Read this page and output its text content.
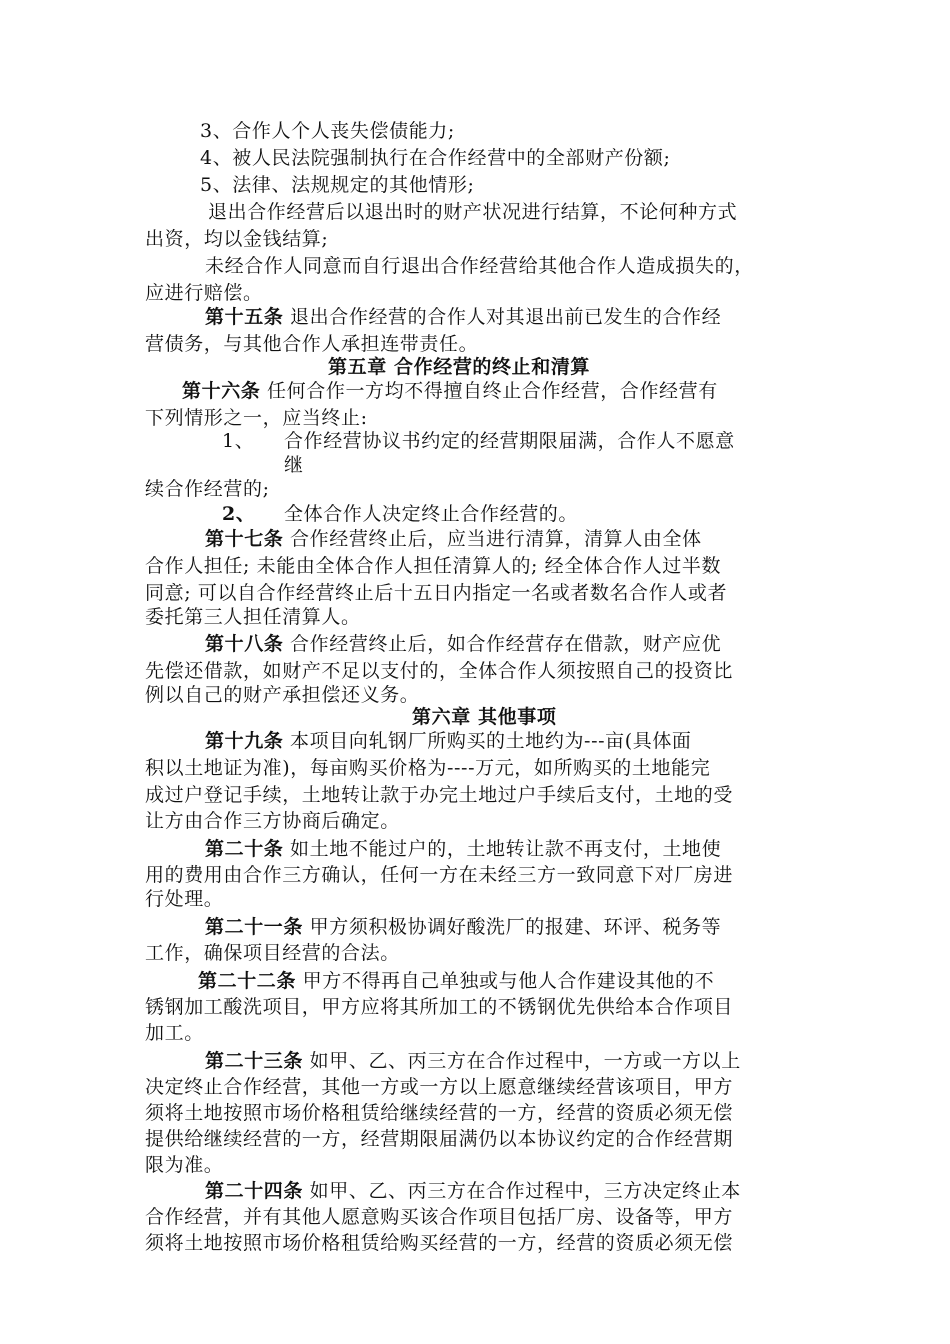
3、合作人个人丧失偿债能力;
4、被人民法院强制执行在合作经营中的全部财产份额;
5、法律、法规规定的其他情形;
退出合作经营后以退出时的财产状况进行结算，不论何种方式
出资，均以金钱结算;
未经合作人同意而自行退出合作经营给其他合作人造成损失的，
应进行赔偿。
第十五条 退出合作经营的合作人对其退出前已发生的合作经
营债务，与其他合作人承担连带责任。
第五章 合作经营的终止和清算
第十六条 任何合作一方均不得擅自终止合作经营，合作经营有
下列情形之一，应当终止:
1、 合作经营协议书约定的经营期限届满，合作人不愿意
继
续合作经营的;
2、 全体合作人决定终止合作经营的。
第十七条 合作经营终止后，应当进行清算，清算人由全体
合作人担任; 未能由全体合作人担任清算人的; 经全体合作人过半数
同意; 可以自合作经营终止后十五日内指定一名或者数名合作人或者
委托第三人担任清算人。
第十八条 合作经营终止后，如合作经营存在借款，财产应优
先偿还借款，如财产不足以支付的，全体合作人须按照自己的投资比
例以自己的财产承担偿还义务。
第六章 其他事项
第十九条 本项目向轧钢厂所购买的土地约为---亩(具体面
积以土地证为准)，每亩购买价格为----万元，如所购买的土地能完
成过户登记手续，土地转让款于办完土地过户手续后支付，土地的受
让方由合作三方协商后确定。
第二十条 如土地不能过户的，土地转让款不再支付，土地使
用的费用由合作三方确认，任何一方在未经三方一致同意下对厂房进
行处理。
第二十一条 甲方须积极协调好酸洗厂的报建、环评、税务等
工作，确保项目经营的合法。
第二十二条 甲方不得再自己单独或与他人合作建设其他的不
锈钢加工酸洗项目，甲方应将其所加工的不锈钢优先供给本合作项目
加工。
第二十三条 如甲、乙、丙三方在合作过程中，一方或一方以上
决定终止合作经营，其他一方或一方以上愿意继续经营该项目，甲方
须将土地按照市场价格租赁给继续经营的一方，经营的资质必须无偿
提供给继续经营的一方，经营期限届满仍以本协议约定的合作经营期
限为准。
第二十四条 如甲、乙、丙三方在合作过程中，三方决定终止本
合作经营，并有其他人愿意购买该合作项目包括厂房、设备等，甲方
须将土地按照市场价格租赁给购买经营的一方，经营的资质必须无偿
